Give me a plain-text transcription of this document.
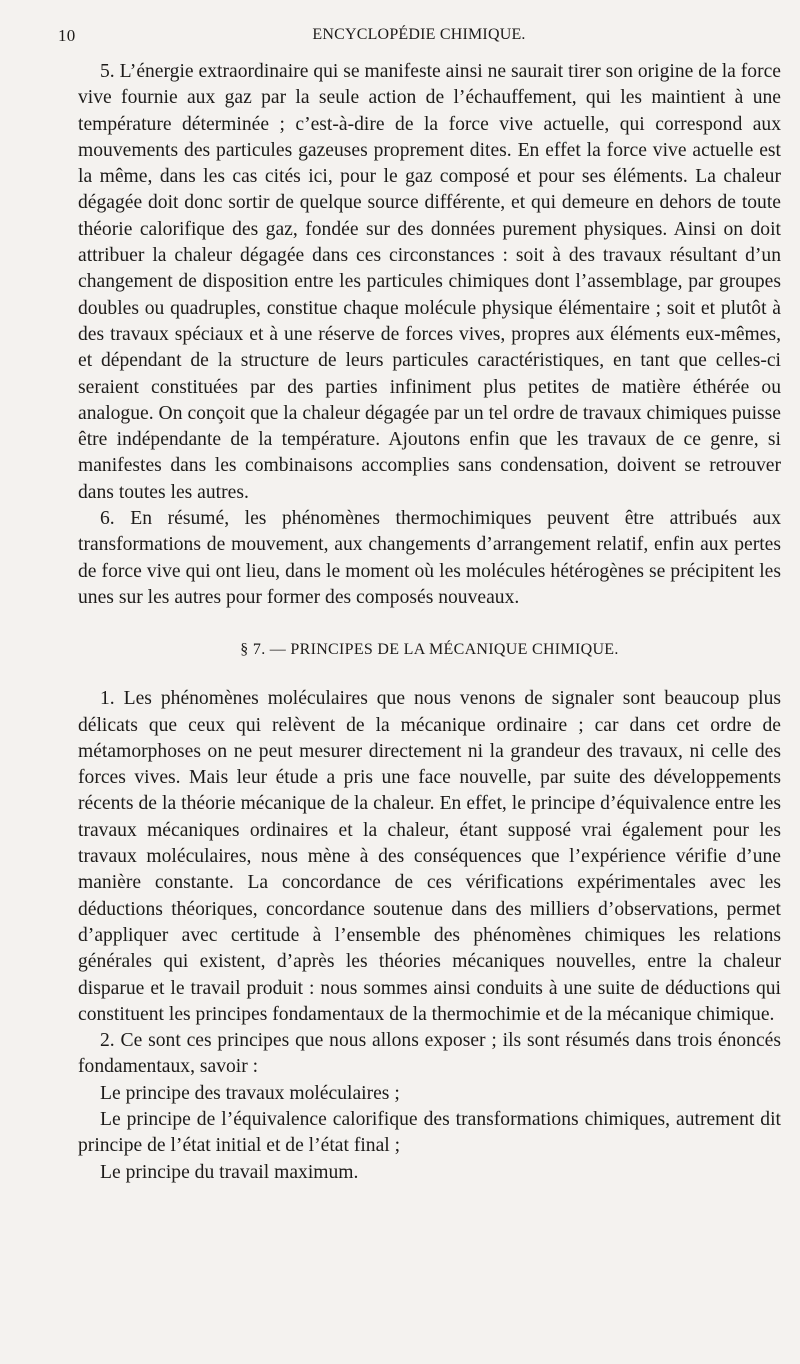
10	ENCYCLOPÉDIE CHIMIQUE.

5. L’énergie extraordinaire qui se manifeste ainsi ne saurait tirer son origine de la force vive fournie aux gaz par la seule action de l’échauffement, qui les maintient à une température déterminée ; c’est-à-dire de la force vive actuelle, qui correspond aux mouvements des particules gazeuses proprement dites. En effet la force vive actuelle est la même, dans les cas cités ici, pour le gaz composé et pour ses éléments. La chaleur dégagée doit donc sortir de quelque source différente, et qui demeure en dehors de toute théorie calorifique des gaz, fondée sur des données purement physiques. Ainsi on doit attribuer la chaleur dégagée dans ces circonstances : soit à des travaux résultant d’un changement de disposition entre les particules chimiques dont l’assemblage, par groupes doubles ou quadruples, constitue chaque molécule physique élémentaire ; soit et plutôt à des travaux spéciaux et à une réserve de forces vives, propres aux éléments eux-mêmes, et dépendant de la structure de leurs particules caractéristiques, en tant que celles-ci seraient constituées par des parties infiniment plus petites de matière éthérée ou analogue. On conçoit que la chaleur dégagée par un tel ordre de travaux chimiques puisse être indépendante de la température. Ajoutons enfin que les travaux de ce genre, si manifestes dans les combinaisons accomplies sans condensation, doivent se retrouver dans toutes les autres.

6. En résumé, les phénomènes thermochimiques peuvent être attribués aux transformations de mouvement, aux changements d’arrangement relatif, enfin aux pertes de force vive qui ont lieu, dans le moment où les molécules hétérogènes se précipitent les unes sur les autres pour former des composés nouveaux.

§ 7. — PRINCIPES DE LA MÉCANIQUE CHIMIQUE.

1. Les phénomènes moléculaires que nous venons de signaler sont beaucoup plus délicats que ceux qui relèvent de la mécanique ordinaire ; car dans cet ordre de métamorphoses on ne peut mesurer directement ni la grandeur des travaux, ni celle des forces vives. Mais leur étude a pris une face nouvelle, par suite des développements récents de la théorie mécanique de la chaleur. En effet, le principe d’équivalence entre les travaux mécaniques ordinaires et la chaleur, étant supposé vrai également pour les travaux moléculaires, nous mène à des conséquences que l’expérience vérifie d’une manière constante. La concordance de ces vérifications expérimentales avec les déductions théoriques, concordance soutenue dans des milliers d’observations, permet d’appliquer avec certitude à l’ensemble des phénomènes chimiques les relations générales qui existent, d’après les théories mécaniques nouvelles, entre la chaleur disparue et le travail produit : nous sommes ainsi conduits à une suite de déductions qui constituent les principes fondamentaux de la thermochimie et de la mécanique chimique.

2. Ce sont ces principes que nous allons exposer ; ils sont résumés dans trois énoncés fondamentaux, savoir :

Le principe des travaux moléculaires ;

Le principe de l’équivalence calorifique des transformations chimiques, autrement dit principe de l’état initial et de l’état final ;

Le principe du travail maximum.
